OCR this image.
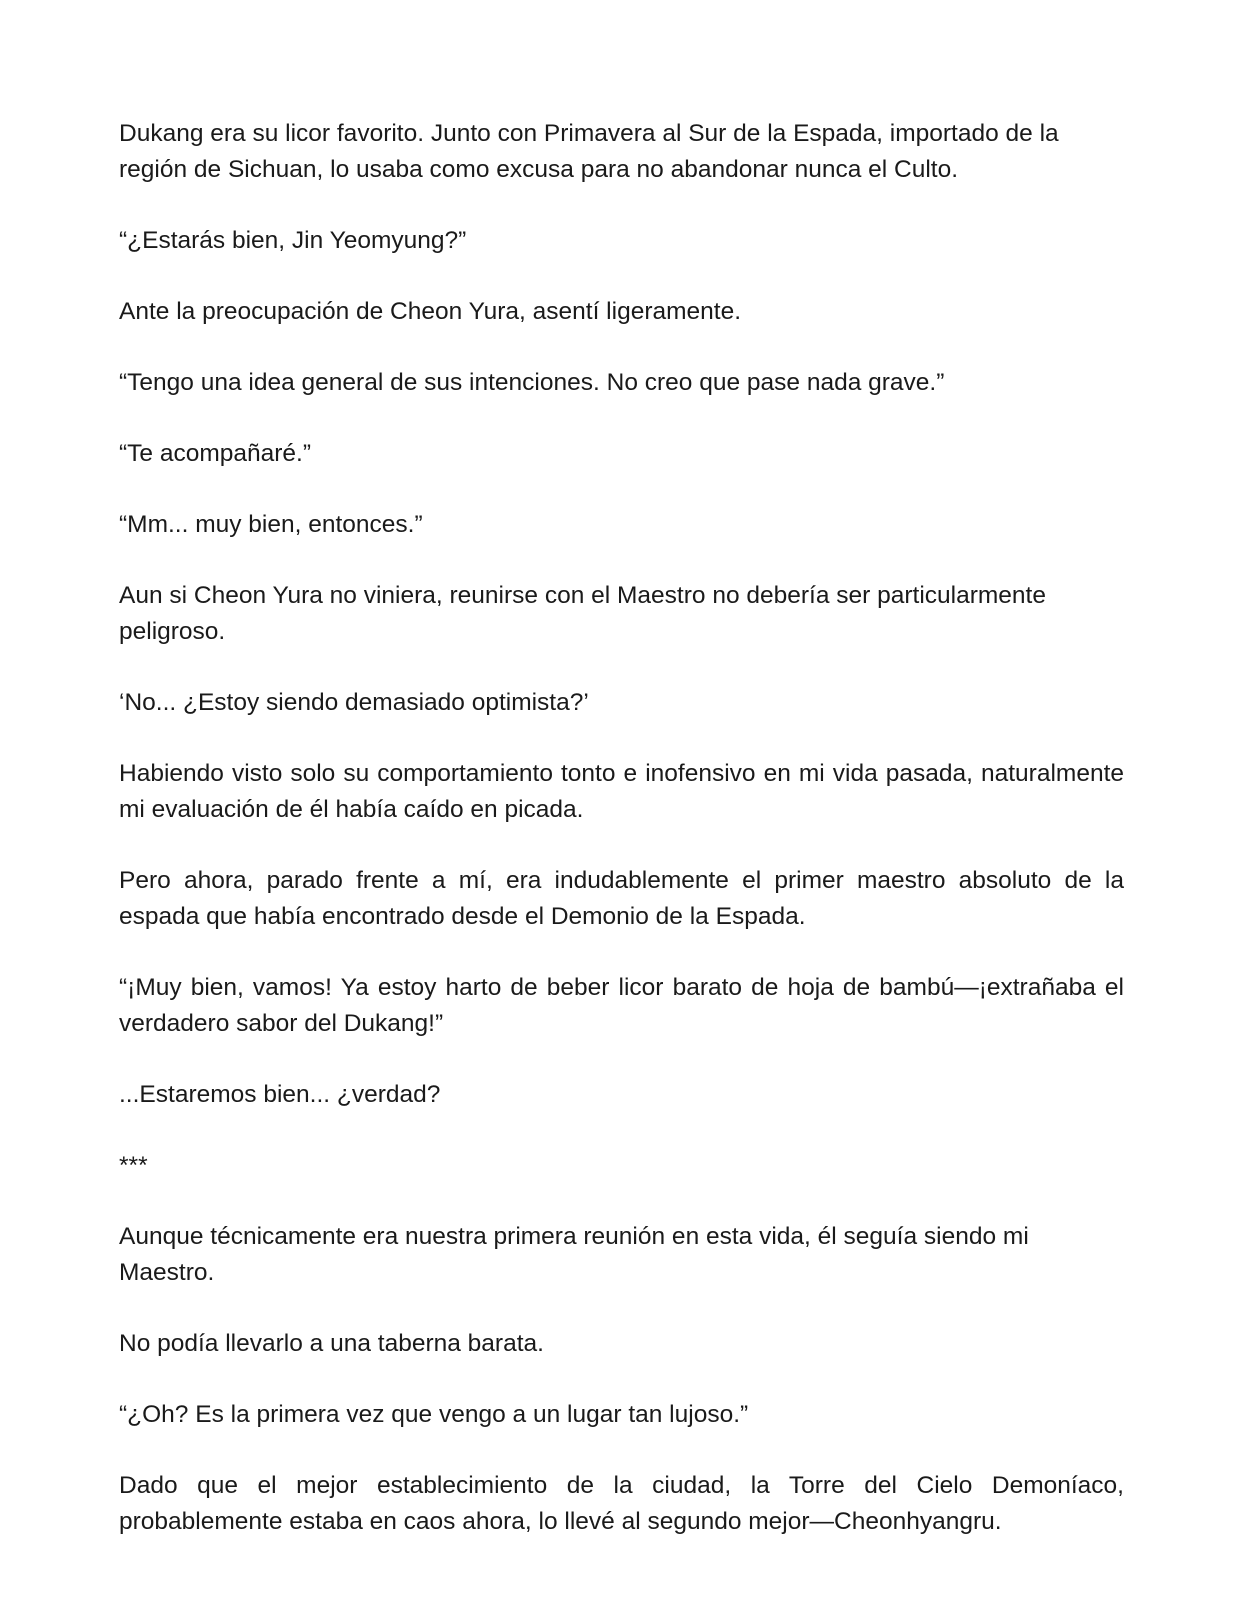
Dukang era su licor favorito. Junto con Primavera al Sur de la Espada, importado de la región de Sichuan, lo usaba como excusa para no abandonar nunca el Culto.

“¿Estarás bien, Jin Yeomyung?”

Ante la preocupación de Cheon Yura, asentí ligeramente.

“Tengo una idea general de sus intenciones. No creo que pase nada grave.”

“Te acompañaré.”

“Mm... muy bien, entonces.”

Aun si Cheon Yura no viniera, reunirse con el Maestro no debería ser particularmente peligroso.

‘No... ¿Estoy siendo demasiado optimista?’

Habiendo visto solo su comportamiento tonto e inofensivo en mi vida pasada, naturalmente mi evaluación de él había caído en picada.

Pero ahora, parado frente a mí, era indudablemente el primer maestro absoluto de la espada que había encontrado desde el Demonio de la Espada.

“¡Muy bien, vamos! Ya estoy harto de beber licor barato de hoja de bambú—¡extrañaba el verdadero sabor del Dukang!”

...Estaremos bien... ¿verdad?

***

Aunque técnicamente era nuestra primera reunión en esta vida, él seguía siendo mi Maestro.

No podía llevarlo a una taberna barata.

“¿Oh? Es la primera vez que vengo a un lugar tan lujoso.”

Dado que el mejor establecimiento de la ciudad, la Torre del Cielo Demoníaco, probablemente estaba en caos ahora, lo llevé al segundo mejor—Cheonhyangru.
